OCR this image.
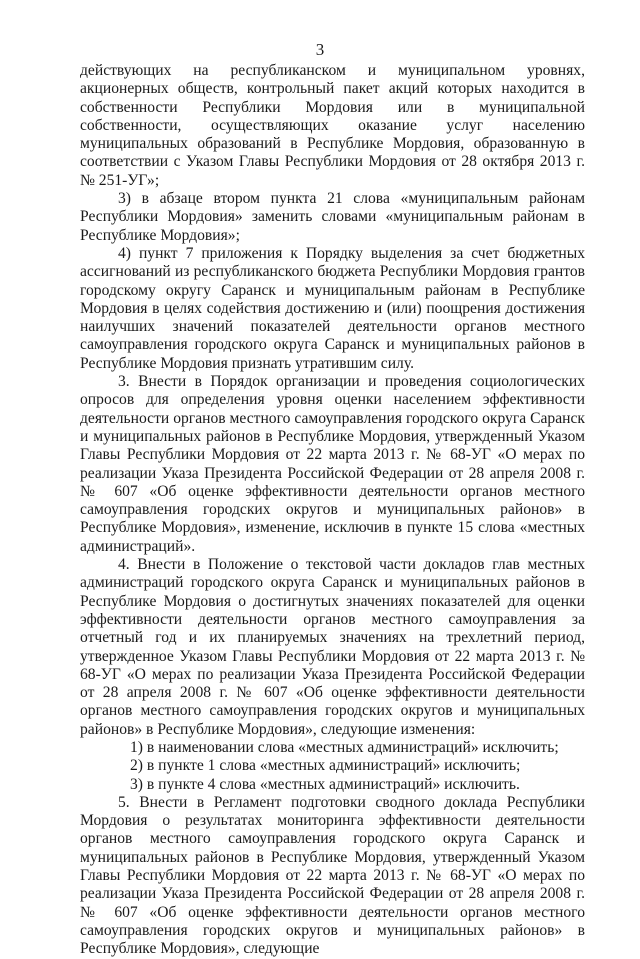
3

действующих на республиканском и муниципальном уровнях, акционерных обществ, контрольный пакет акций которых находится в собственности Республики Мордовия или в муниципальной собственности, осуществляющих оказание услуг населению муниципальных образований в Республике Мордовия, образованную в соответствии с Указом Главы Республики Мордовия от 28 октября 2013 г. № 251-УГ»;

3) в абзаце втором пункта 21 слова «муниципальным районам Республики Мордовия» заменить словами «муниципальным районам в Республике Мордовия»;

4) пункт 7 приложения к Порядку выделения за счет бюджетных ассигнований из республиканского бюджета Республики Мордовия грантов городскому округу Саранск и муниципальным районам в Республике Мордовия в целях содействия достижению и (или) поощрения достижения наилучших значений показателей деятельности органов местного самоуправления городского округа Саранск и муниципальных районов в Республике Мордовия признать утратившим силу.

3. Внести в Порядок организации и проведения социологических опросов для определения уровня оценки населением эффективности деятельности органов местного самоуправления городского округа Саранск и муниципальных районов в Республике Мордовия, утвержденный Указом Главы Республики Мордовия от 22 марта 2013 г. № 68-УГ «О мерах по реализации Указа Президента Российской Федерации от 28 апреля 2008 г. № 607 «Об оценке эффективности деятельности органов местного самоуправления городских округов и муниципальных районов» в Республике Мордовия», изменение, исключив в пункте 15 слова «местных администраций».

4. Внести в Положение о текстовой части докладов глав местных администраций городского округа Саранск и муниципальных районов в Республике Мордовия о достигнутых значениях показателей для оценки эффективности деятельности органов местного самоуправления за отчетный год и их планируемых значениях на трехлетний период, утвержденное Указом Главы Республики Мордовия от 22 марта 2013 г. № 68-УГ «О мерах по реализации Указа Президента Российской Федерации от 28 апреля 2008 г. № 607 «Об оценке эффективности деятельности органов местного самоуправления городских округов и муниципальных районов» в Республике Мордовия», следующие изменения:

1) в наименовании слова «местных администраций» исключить;

2) в пункте 1 слова «местных администраций» исключить;

3) в пункте 4 слова «местных администраций» исключить.

5. Внести в Регламент подготовки сводного доклада Республики Мордовия о результатах мониторинга эффективности деятельности органов местного самоуправления городского округа Саранск и муниципальных районов в Республике Мордовия, утвержденный Указом Главы Республики Мордовия от 22 марта 2013 г. № 68-УГ «О мерах по реализации Указа Президента Российской Федерации от 28 апреля 2008 г. № 607 «Об оценке эффективности деятельности органов местного самоуправления городских округов и муниципальных районов» в Республике Мордовия», следующие
